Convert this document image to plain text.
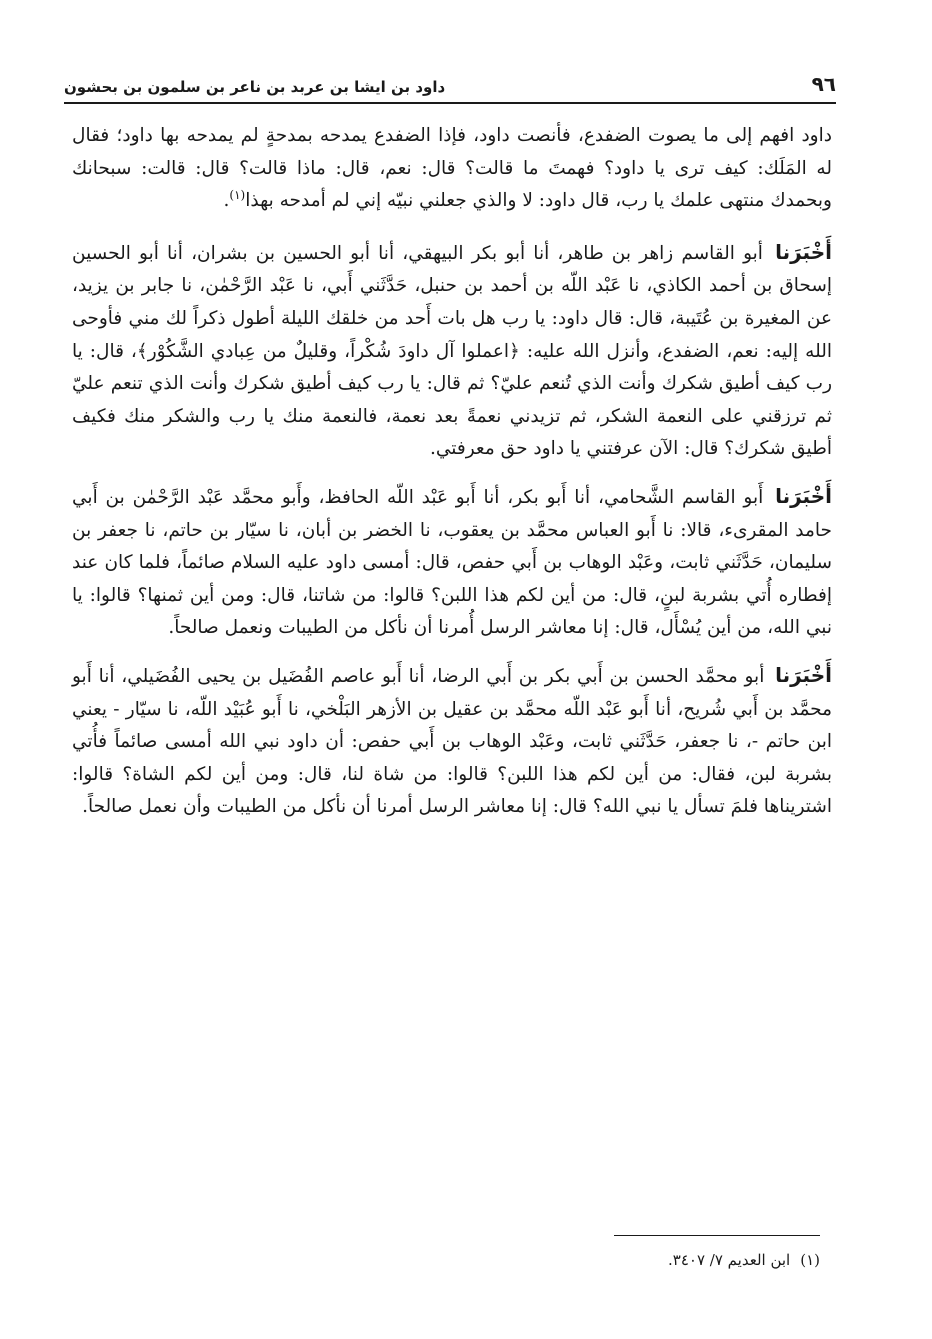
٩٦
داود بن ايشا بن عربد بن ناعر بن سلمون بن بحشون

داود افهم إلى ما يصوت الضفدع، فأنصت داود، فإذا الضفدع يمدحه بمدحةٍ لم يمدحه بها داود؛ فقال له المَلَك: كيف ترى يا داود؟ فهمتَ ما قالت؟ قال: نعم، قال: ماذا قالت؟ قال: قالت: سبحانك وبحمدك منتهى علمك يا رب، قال داود: لا والذي جعلني نبيّه إني لم أمدحه بهذا$^{(١)}$.

أَخْبَرَنا أبو القاسم زاهر بن طاهر، أنا أبو بكر البيهقي، أنا أبو الحسين بن بشران، أنا أبو الحسين إسحاق بن أحمد الكاذي، نا عَبْد اللّه بن أحمد بن حنبل، حَدَّثَني أَبي، نا عَبْد الرَّحْمٰن، نا جابر بن يزيد، عن المغيرة بن عُتَيبة، قال: قال داود: يا رب هل بات أَحد من خلقك الليلة أطول ذكراً لك مني فأوحى الله إليه: نعم، الضفدع، وأنزل الله عليه: ﴿اعملوا آل داودَ شُكْراً، وقليلٌ من عِبادي الشَّكُوْر﴾، قال: يا رب كيف أطيق شكرك وأنت الذي تُنعم عليّ؟ ثم قال: يا رب كيف أطيق شكرك وأنت الذي تنعم عليّ ثم ترزقني على النعمة الشكر، ثم تزيدني نعمةً بعد نعمة، فالنعمة منك يا رب والشكر منك فكيف أطيق شكرك؟ قال: الآن عرفتني يا داود حق معرفتي.

أَخْبَرَنا أَبو القاسم الشَّحامي، أنا أَبو بكر، أنا أَبو عَبْد اللّه الحافظ، وأَبو محمَّد عَبْد الرَّحْمٰن بن أَبي حامد المقرىء، قالا: نا أَبو العباس محمَّد بن يعقوب، نا الخضر بن أبان، نا سيّار بن حاتم، نا جعفر بن سليمان، حَدَّثَني ثابت، وعَبْد الوهاب بن أَبي حفص، قال: أمسى داود عليه السلام صائماً، فلما كان عند إفطاره أُتي بشربة لبنٍ، قال: من أين لكم هذا اللبن؟ قالوا: من شاتنا، قال: ومن أين ثمنها؟ قالوا: يا نبي الله، من أين يُسْأَل، قال: إنا معاشر الرسل أُمرنا أن نأكل من الطيبات ونعمل صالحاً.

أَخْبَرَنا أبو محمَّد الحسن بن أَبي بكر بن أَبي الرضا، أنا أَبو عاصم الفُضَيل بن يحيى الفُضَيلي، أنا أَبو محمَّد بن أَبي شُريح، أنا أَبو عَبْد اللّه محمَّد بن عقيل بن الأزهر البَلْخي، نا أَبو عُبَيْد اللّه، نا سيّار - يعني ابن حاتم -، نا جعفر، حَدَّثَني ثابت، وعَبْد الوهاب بن أَبي حفص: أن داود نبي الله أمسى صائماً فأُتي بشربة لبن، فقال: من أين لكم هذا اللبن؟ قالوا: من شاة لنا، قال: ومن أين لكم الشاة؟ قالوا: اشتريناها فلمَ تسأل يا نبي الله؟ قال: إنا معاشر الرسل أمرنا أن نأكل من الطيبات وأن نعمل صالحاً.

(١)ابن العديم ٧/ ٣٤٠٧.
